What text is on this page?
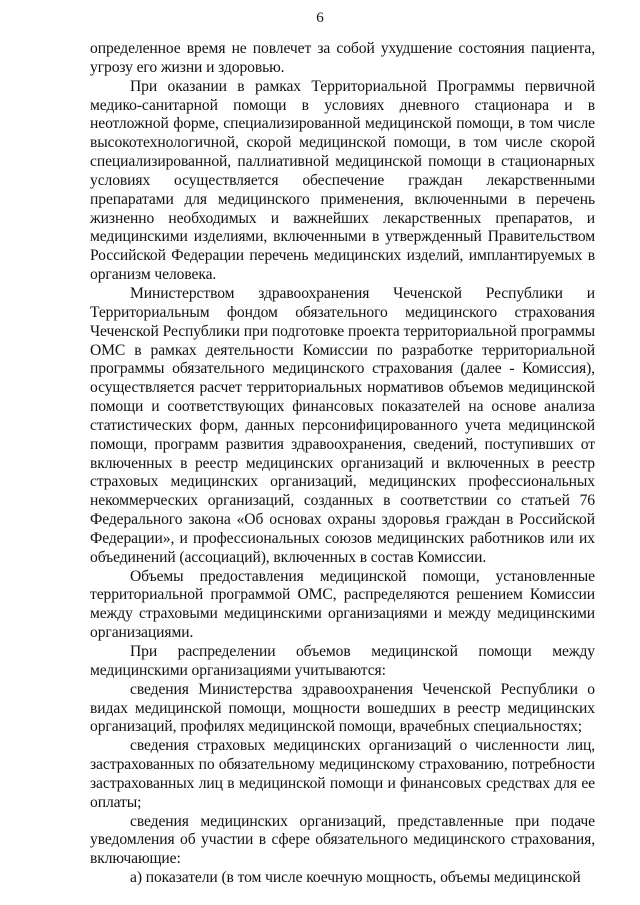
6

определенное время не повлечет за собой ухудшение состояния пациента, угрозу его жизни и здоровью.

При оказании в рамках Территориальной Программы первичной медико-санитарной помощи в условиях дневного стационара и в неотложной форме, специализированной медицинской помощи, в том числе высокотехнологичной, скорой медицинской помощи, в том числе скорой специализированной, паллиативной медицинской помощи в стационарных условиях осуществляется обеспечение граждан лекарственными препаратами для медицинского применения, включенными в перечень жизненно необходимых и важнейших лекарственных препаратов, и медицинскими изделиями, включенными в утвержденный Правительством Российской Федерации перечень медицинских изделий, имплантируемых в организм человека.

Министерством здравоохранения Чеченской Республики и Территориальным фондом обязательного медицинского страхования Чеченской Республики при подготовке проекта территориальной программы ОМС в рамках деятельности Комиссии по разработке территориальной программы обязательного медицинского страхования (далее - Комиссия), осуществляется расчет территориальных нормативов объемов медицинской помощи и соответствующих финансовых показателей на основе анализа статистических форм, данных персонифицированного учета медицинской помощи, программ развития здравоохранения, сведений, поступивших от включенных в реестр медицинских организаций и включенных в реестр страховых медицинских организаций, медицинских профессиональных некоммерческих организаций, созданных в соответствии со статьей 76 Федерального закона «Об основах охраны здоровья граждан в Российской Федерации», и профессиональных союзов медицинских работников или их объединений (ассоциаций), включенных в состав Комиссии.

Объемы предоставления медицинской помощи, установленные территориальной программой ОМС, распределяются решением Комиссии между страховыми медицинскими организациями и между медицинскими организациями.

При распределении объемов медицинской помощи между медицинскими организациями учитываются:

сведения Министерства здравоохранения Чеченской Республики о видах медицинской помощи, мощности вошедших в реестр медицинских организаций, профилях медицинской помощи, врачебных специальностях;

сведения страховых медицинских организаций о численности лиц, застрахованных по обязательному медицинскому страхованию, потребности застрахованных лиц в медицинской помощи и финансовых средствах для ее оплаты;

сведения медицинских организаций, представленные при подаче уведомления об участии в сфере обязательного медицинского страхования, включающие:

а) показатели (в том числе коечную мощность, объемы медицинской
